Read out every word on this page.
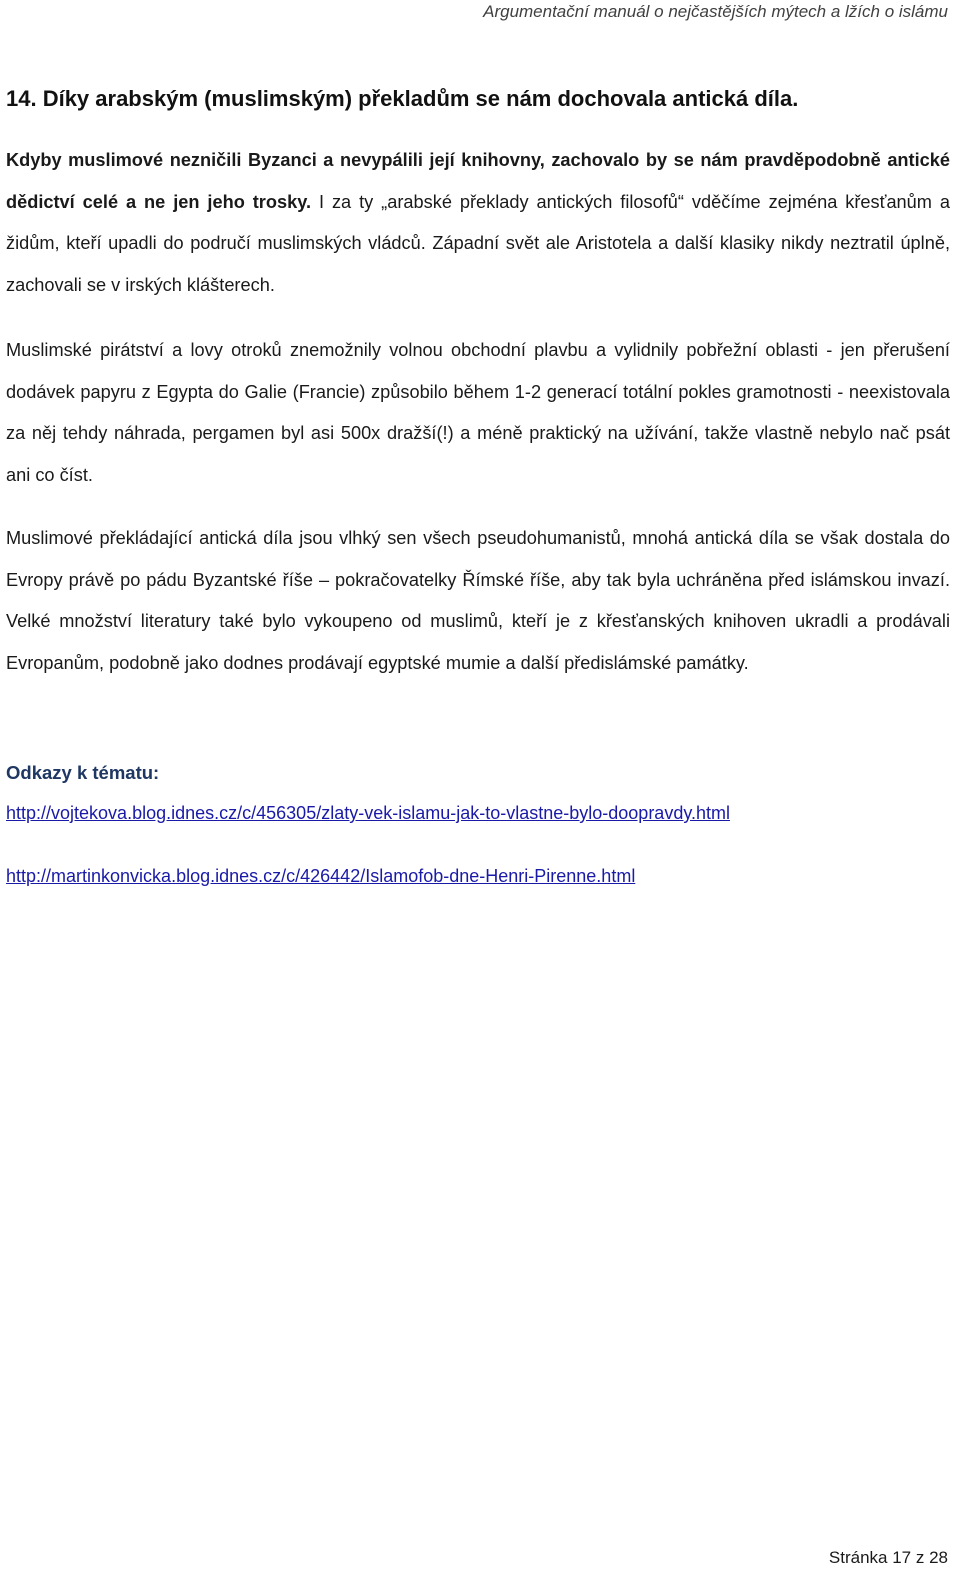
Argumentační manuál o nejčastějších mýtech a lžích o islámu
14. Díky arabským (muslimským) překladům se nám dochovala antická díla.

Kdyby muslimové nezničili Byzanci a nevypálili její knihovny, zachovalo by se nám pravděpodobně antické dědictví celé a ne jen jeho trosky. I za ty „arabské překlady antických filosofů“ vděčíme zejména křesťanům a židům, kteří upadli do područí muslimských vládců. Západní svět ale Aristotela a další klasiky nikdy neztratil úplně, zachovali se v irských klášterech.

Muslimské pirátství a lovy otroků znemožnily volnou obchodní plavbu a vylidnily pobřežní oblasti - jen přerušení dodávek papyru z Egypta do Galie (Francie) způsobilo během 1-2 generací totální pokles gramotnosti - neexistovala za něj tehdy náhrada, pergamen byl asi 500x dražší(!) a méně praktický na užívání, takže vlastně nebylo nač psát ani co číst.

Muslimové překládající antická díla jsou vlhký sen všech pseudohumanistů, mnohá antická díla se však dostala do Evropy právě po pádu Byzantské říše – pokračovatelky Římské říše, aby tak byla uchráněna před islámskou invazí. Velké množství literatury také bylo vykoupeno od muslimů, kteří je z křesťanských knihoven ukradli a prodávali Evropanům, podobně jako dodnes prodávají egyptské mumie a další předislámské památky.

Odkazy k tématu:
http://vojtekova.blog.idnes.cz/c/456305/zlaty-vek-islamu-jak-to-vlastne-bylo-doopravdy.html
http://martinkonvicka.blog.idnes.cz/c/426442/Islamofob-dne-Henri-Pirenne.html
Stránka 17 z 28
